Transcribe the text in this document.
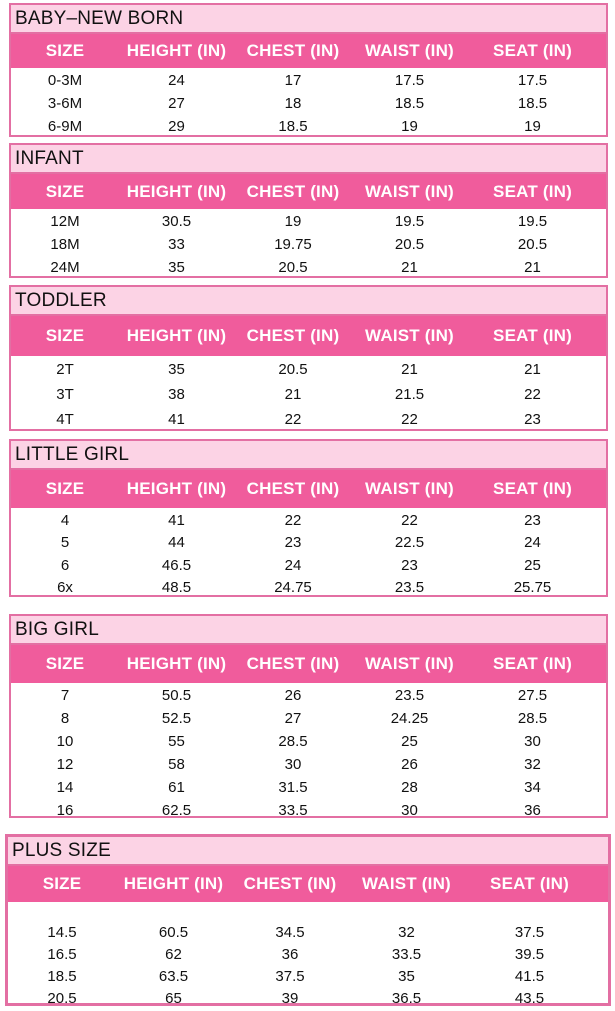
BABY–NEW BORN
SIZE	HEIGHT (IN)	CHEST (IN)	WAIST (IN)	SEAT (IN)
0-3M	24	17	17.5	17.5
3-6M	27	18	18.5	18.5
6-9M	29	18.5	19	19
INFANT
SIZE	HEIGHT (IN)	CHEST (IN)	WAIST (IN)	SEAT (IN)
12M	30.5	19	19.5	19.5
18M	33	19.75	20.5	20.5
24M	35	20.5	21	21
TODDLER
SIZE	HEIGHT (IN)	CHEST (IN)	WAIST (IN)	SEAT (IN)
2T	35	20.5	21	21
3T	38	21	21.5	22
4T	41	22	22	23
LITTLE GIRL
SIZE	HEIGHT (IN)	CHEST (IN)	WAIST (IN)	SEAT (IN)
4	41	22	22	23
5	44	23	22.5	24
6	46.5	24	23	25
6x	48.5	24.75	23.5	25.75
BIG GIRL
SIZE	HEIGHT (IN)	CHEST (IN)	WAIST (IN)	SEAT (IN)
7	50.5	26	23.5	27.5
8	52.5	27	24.25	28.5
10	55	28.5	25	30
12	58	30	26	32
14	61	31.5	28	34
16	62.5	33.5	30	36
PLUS SIZE
SIZE	HEIGHT (IN)	CHEST (IN)	WAIST (IN)	SEAT (IN)
14.5	60.5	34.5	32	37.5
16.5	62	36	33.5	39.5
18.5	63.5	37.5	35	41.5
20.5	65	39	36.5	43.5
